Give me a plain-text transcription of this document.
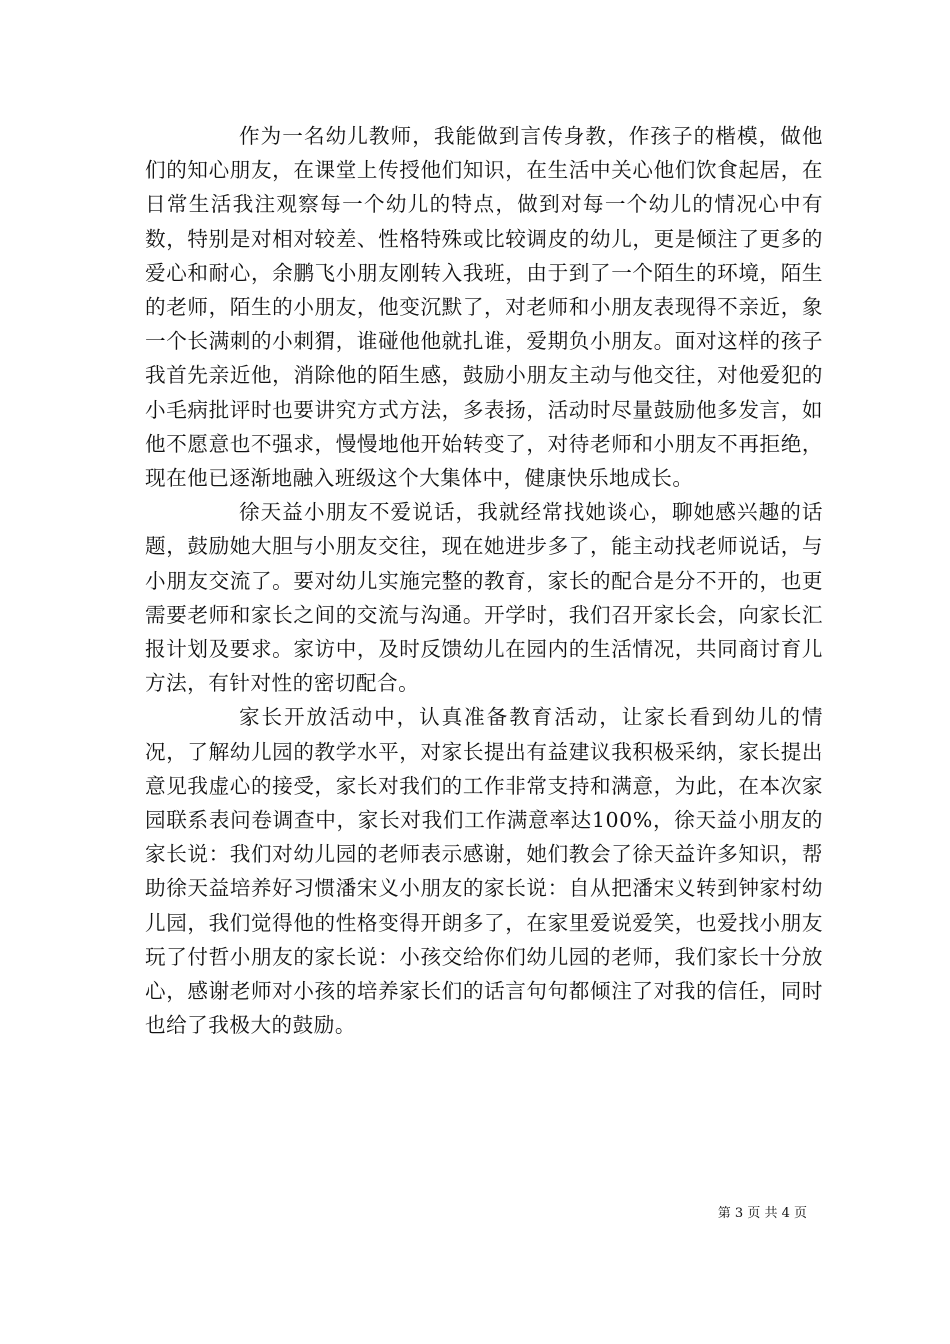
作为一名幼儿教师，我能做到言传身教，作孩子的楷模，做他们的知心朋友，在课堂上传授他们知识，在生活中关心他们饮食起居，在日常生活我注观察每一个幼儿的特点，做到对每一个幼儿的情况心中有数，特别是对相对较差、性格特殊或比较调皮的幼儿，更是倾注了更多的爱心和耐心，余鹏飞小朋友刚转入我班，由于到了一个陌生的环境，陌生的老师，陌生的小朋友，他变沉默了，对老师和小朋友表现得不亲近，象一个长满刺的小刺猬，谁碰他他就扎谁，爱期负小朋友。面对这样的孩子我首先亲近他，消除他的陌生感，鼓励小朋友主动与他交往，对他爱犯的小毛病批评时也要讲究方式方法，多表扬，活动时尽量鼓励他多发言，如他不愿意也不强求，慢慢地他开始转变了，对待老师和小朋友不再拒绝，现在他已逐渐地融入班级这个大集体中，健康快乐地成长。

徐天益小朋友不爱说话，我就经常找她谈心，聊她感兴趣的话题，鼓励她大胆与小朋友交往，现在她进步多了，能主动找老师说话，与小朋友交流了。要对幼儿实施完整的教育，家长的配合是分不开的，也更需要老师和家长之间的交流与沟通。开学时，我们召开家长会，向家长汇报计划及要求。家访中，及时反馈幼儿在园内的生活情况，共同商讨育儿方法，有针对性的密切配合。

家长开放活动中，认真准备教育活动，让家长看到幼儿的情况，了解幼儿园的教学水平，对家长提出有益建议我积极采纳，家长提出意见我虚心的接受，家长对我们的工作非常支持和满意，为此，在本次家园联系表问卷调查中，家长对我们工作满意率达100%，徐天益小朋友的家长说：我们对幼儿园的老师表示感谢，她们教会了徐天益许多知识，帮助徐天益培养好习惯潘宋义小朋友的家长说：自从把潘宋义转到钟家村幼儿园，我们觉得他的性格变得开朗多了，在家里爱说爱笑，也爱找小朋友玩了付哲小朋友的家长说：小孩交给你们幼儿园的老师，我们家长十分放心，感谢老师对小孩的培养家长们的话言句句都倾注了对我的信任，同时也给了我极大的鼓励。

第 3 页 共 4 页
